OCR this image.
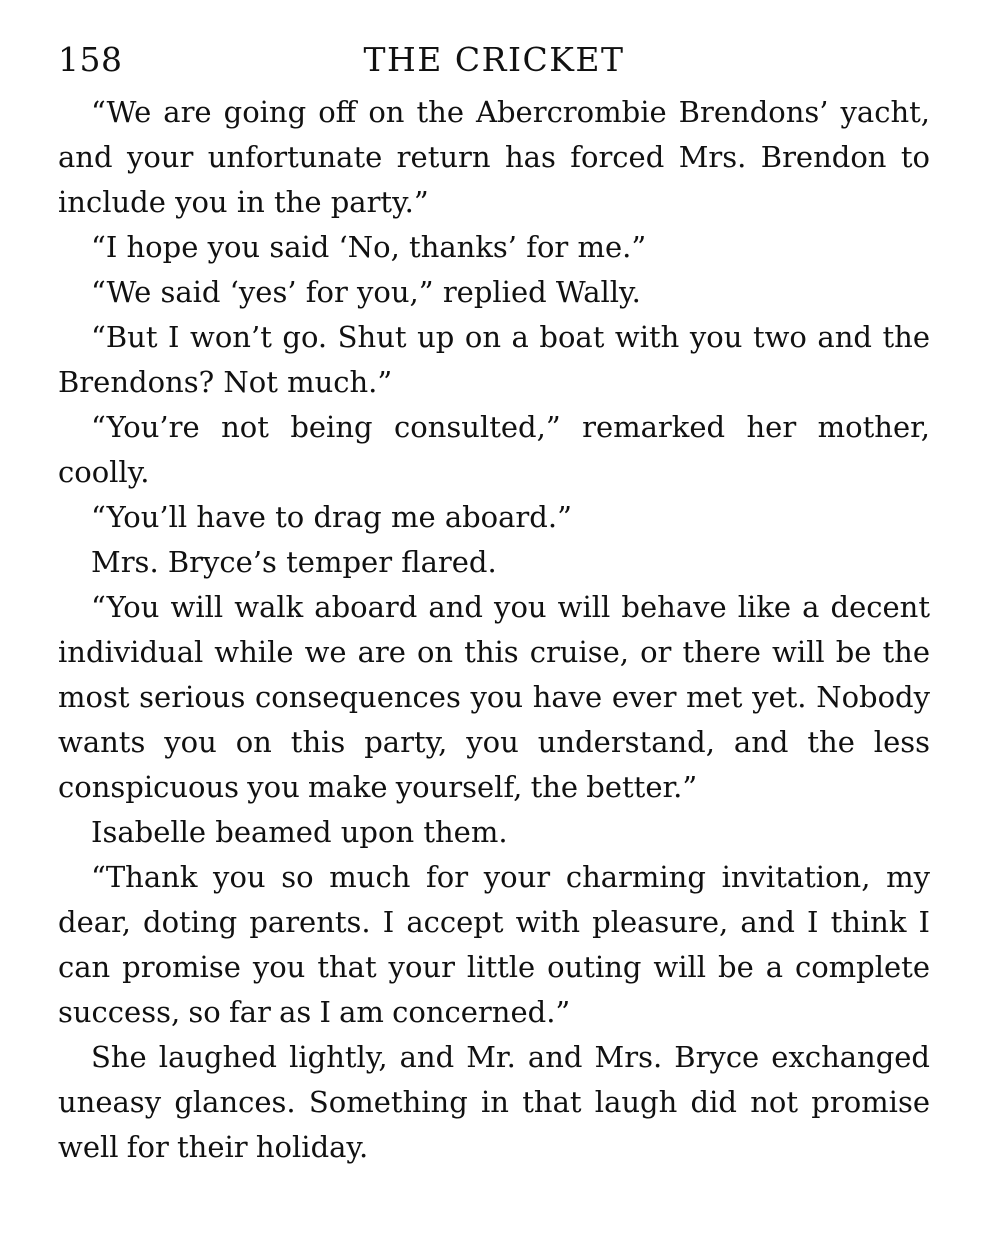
158	THE CRICKET

“We are going off on the Abercrombie Brendons’ yacht, and your unfortunate return has forced Mrs. Brendon to include you in the party.”

“I hope you said ‘No, thanks’ for me.”

“We said ‘yes’ for you,” replied Wally.

“But I won’t go. Shut up on a boat with you two and the Brendons? Not much.”

“You’re not being consulted,” remarked her mother, coolly.

“You’ll have to drag me aboard.”

Mrs. Bryce’s temper flared.

“You will walk aboard and you will behave like a decent individual while we are on this cruise, or there will be the most serious consequences you have ever met yet. Nobody wants you on this party, you understand, and the less conspicuous you make yourself, the better.”

Isabelle beamed upon them.

“Thank you so much for your charming invitation, my dear, doting parents. I accept with pleasure, and I think I can promise you that your little outing will be a complete success, so far as I am concerned.”

She laughed lightly, and Mr. and Mrs. Bryce exchanged uneasy glances. Something in that laugh did not promise well for their holiday.
